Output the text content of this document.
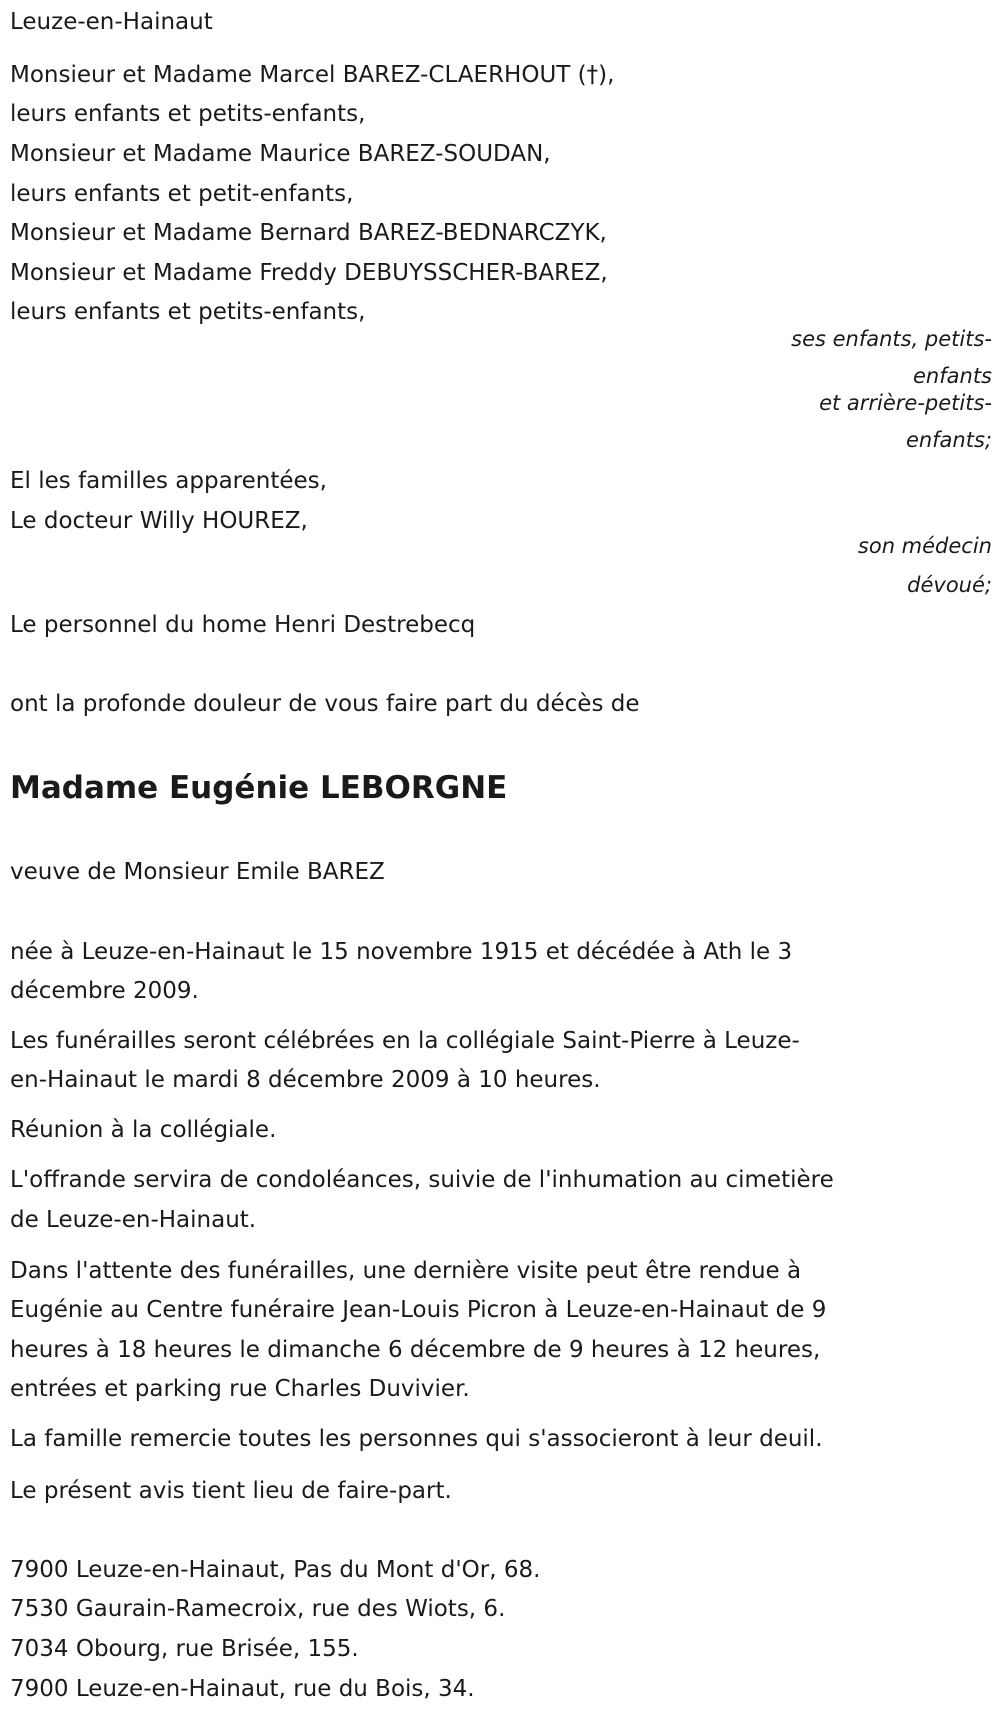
Leuze-en-Hainaut
Monsieur et Madame Marcel BAREZ-CLAERHOUT (†),
leurs enfants et petits-enfants,
Monsieur et Madame Maurice BAREZ-SOUDAN,
leurs enfants et petit-enfants,
Monsieur et Madame Bernard BAREZ-BEDNARCZYK,
Monsieur et Madame Freddy DEBUYSSCHER-BAREZ,
leurs enfants et petits-enfants,
ses enfants, petits-
enfants
et arrière-petits-
enfants;
El les familles apparentées,
Le docteur Willy HOUREZ,
son médecin
dévoué;
Le personnel du home Henri Destrebecq
ont la profonde douleur de vous faire part du décès de
Madame Eugénie LEBORGNE
veuve de Monsieur Emile BAREZ
née à Leuze-en-Hainaut le 15 novembre 1915 et décédée à Ath le 3
décembre 2009.
Les funérailles seront célébrées en la collégiale Saint-Pierre à Leuze-
en-Hainaut le mardi 8 décembre 2009 à 10 heures.
Réunion à la collégiale.
L'offrande servira de condoléances, suivie de l'inhumation au cimetière
de Leuze-en-Hainaut.
Dans l'attente des funérailles, une dernière visite peut être rendue à
Eugénie au Centre funéraire Jean-Louis Picron à Leuze-en-Hainaut de 9
heures à 18 heures le dimanche 6 décembre de 9 heures à 12 heures,
entrées et parking rue Charles Duvivier.
La famille remercie toutes les personnes qui s'associeront à leur deuil.
Le présent avis tient lieu de faire-part.
7900 Leuze-en-Hainaut, Pas du Mont d'Or, 68.
7530 Gaurain-Ramecroix, rue des Wiots, 6.
7034 Obourg, rue Brisée, 155.
7900 Leuze-en-Hainaut, rue du Bois, 34.
